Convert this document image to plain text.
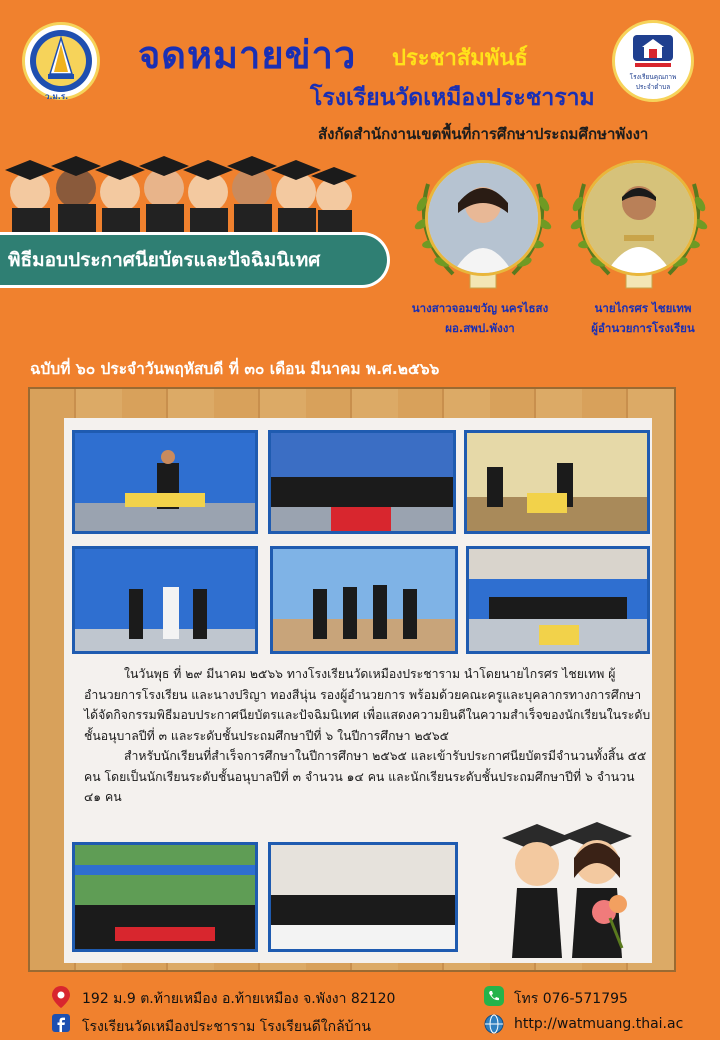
ว.ม.ร.
จดหมายข่าว ประชาสัมพันธ์
โรงเรียนวัดเหมืองประชาราม
สังกัดสำนักงานเขตพื้นที่การศึกษาประถมศึกษาพังงา
โรงเรียนคุณภาพ
ประจำตำบล
พิธีมอบประกาศนียบัตรและปัจฉิมนิเทศ
นางสาวจอมขวัญ นครไธสง
ผอ.สพป.พังงา
นายไกรศร ไชยเทพ
ผู้อำนวยการโรงเรียน
ฉบับที่ ๖๐ ประจำวันพฤหัสบดี ที่ ๓๐ เดือน มีนาคม พ.ศ.๒๕๖๖

ในวันพุธ ที่ ๒๙ มีนาคม ๒๕๖๖ ทางโรงเรียนวัดเหมืองประชาราม นำโดยนายไกรศร ไชยเทพ ผู้อำนวยการโรงเรียน และนางปริญา ทองสีนุ่น รองผู้อำนวยการ พร้อมด้วยคณะครูและบุคลากรทางการศึกษา ได้จัดกิจกรรมพิธีมอบประกาศนียบัตรและปัจฉิมนิเทศ เพื่อแสดงความยินดีในความสำเร็จของนักเรียนในระดับชั้นอนุบาลปีที่ ๓ และระดับชั้นประถมศึกษาปีที่ ๖ ในปีการศึกษา ๒๕๖๕

สำหรับนักเรียนที่สำเร็จการศึกษาในปีการศึกษา ๒๕๖๕ และเข้ารับประกาศนียบัตรมีจำนวนทั้งสิ้น ๕๕ คน โดยเป็นนักเรียนระดับชั้นอนุบาลปีที่ ๓ จำนวน ๑๔ คน และนักเรียนระดับชั้นประถมศึกษาปีที่ ๖ จำนวน ๔๑ คน

192 ม.9 ต.ท้ายเหมือง อ.ท้ายเหมือง จ.พังงา 82120	โทร 076-571795
โรงเรียนวัดเหมืองประชาราม โรงเรียนดีใกล้บ้าน	http://watmuang.thai.ac
